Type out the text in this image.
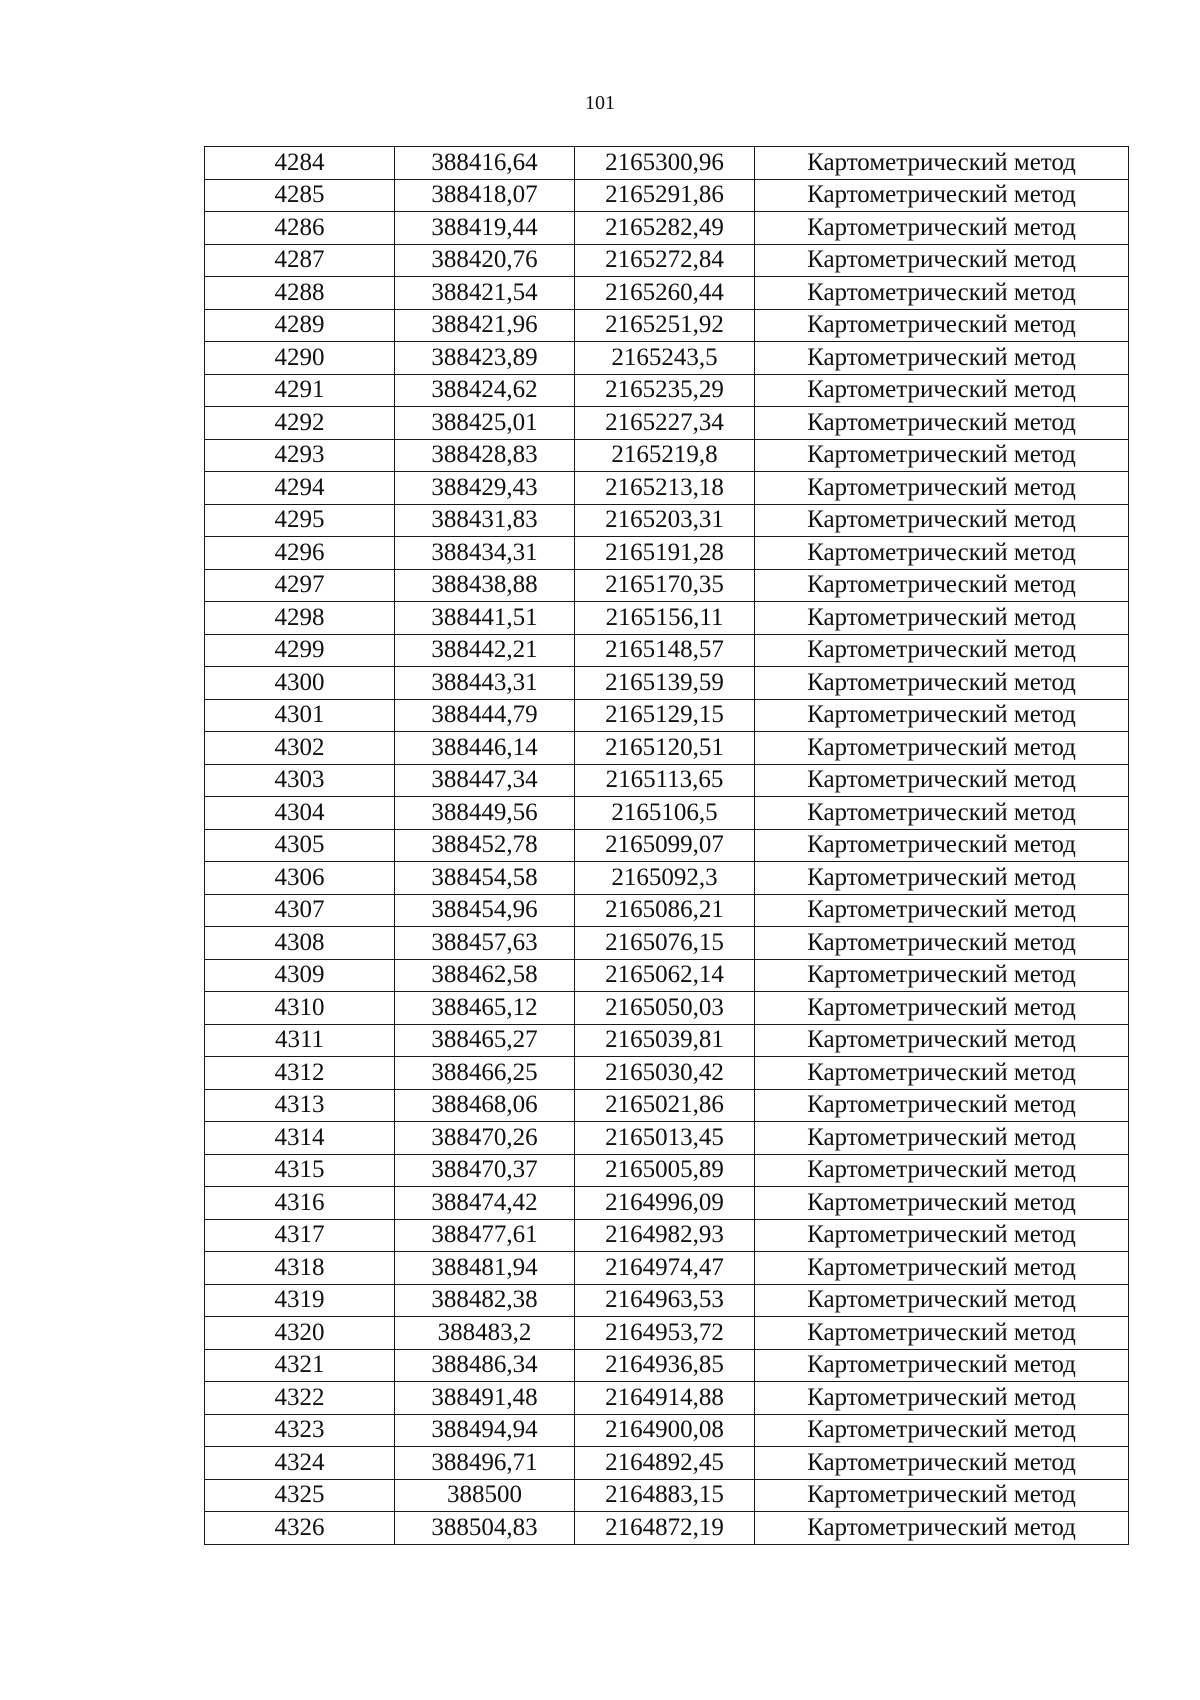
101
4284	388416,64	2165300,96	Картометрический метод
4285	388418,07	2165291,86	Картометрический метод
4286	388419,44	2165282,49	Картометрический метод
4287	388420,76	2165272,84	Картометрический метод
4288	388421,54	2165260,44	Картометрический метод
4289	388421,96	2165251,92	Картометрический метод
4290	388423,89	2165243,5	Картометрический метод
4291	388424,62	2165235,29	Картометрический метод
4292	388425,01	2165227,34	Картометрический метод
4293	388428,83	2165219,8	Картометрический метод
4294	388429,43	2165213,18	Картометрический метод
4295	388431,83	2165203,31	Картометрический метод
4296	388434,31	2165191,28	Картометрический метод
4297	388438,88	2165170,35	Картометрический метод
4298	388441,51	2165156,11	Картометрический метод
4299	388442,21	2165148,57	Картометрический метод
4300	388443,31	2165139,59	Картометрический метод
4301	388444,79	2165129,15	Картометрический метод
4302	388446,14	2165120,51	Картометрический метод
4303	388447,34	2165113,65	Картометрический метод
4304	388449,56	2165106,5	Картометрический метод
4305	388452,78	2165099,07	Картометрический метод
4306	388454,58	2165092,3	Картометрический метод
4307	388454,96	2165086,21	Картометрический метод
4308	388457,63	2165076,15	Картометрический метод
4309	388462,58	2165062,14	Картометрический метод
4310	388465,12	2165050,03	Картометрический метод
4311	388465,27	2165039,81	Картометрический метод
4312	388466,25	2165030,42	Картометрический метод
4313	388468,06	2165021,86	Картометрический метод
4314	388470,26	2165013,45	Картометрический метод
4315	388470,37	2165005,89	Картометрический метод
4316	388474,42	2164996,09	Картометрический метод
4317	388477,61	2164982,93	Картометрический метод
4318	388481,94	2164974,47	Картометрический метод
4319	388482,38	2164963,53	Картометрический метод
4320	388483,2	2164953,72	Картометрический метод
4321	388486,34	2164936,85	Картометрический метод
4322	388491,48	2164914,88	Картометрический метод
4323	388494,94	2164900,08	Картометрический метод
4324	388496,71	2164892,45	Картометрический метод
4325	388500	2164883,15	Картометрический метод
4326	388504,83	2164872,19	Картометрический метод
